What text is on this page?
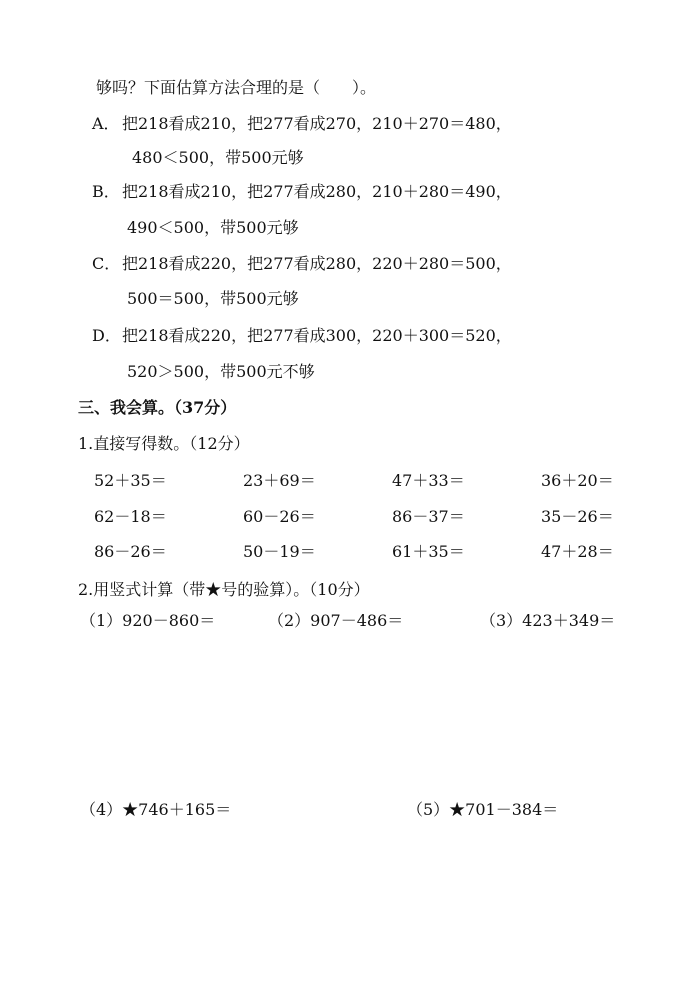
够吗？下面估算方法合理的是（　　）。
A． 把218看成210，把277看成270，210＋270＝480，
480＜500，带500元够
B． 把218看成210，把277看成280，210＋280＝490，
490＜500，带500元够
C． 把218看成220，把277看成280，220＋280＝500，
500＝500，带500元够
D． 把218看成220，把277看成300，220＋300＝520，
520＞500，带500元不够
三、我会算。（37分）
1.直接写得数。（12分）
52＋35＝	23＋69＝	47＋33＝	36＋20＝
62－18＝	60－26＝	86－37＝	35－26＝
86－26＝	50－19＝	61＋35＝	47＋28＝
2.用竖式计算（带★号的验算）。（10分）
（1）920－860＝	（2）907－486＝	（3）423＋349＝
（4）★746＋165＝	（5）★701－384＝
